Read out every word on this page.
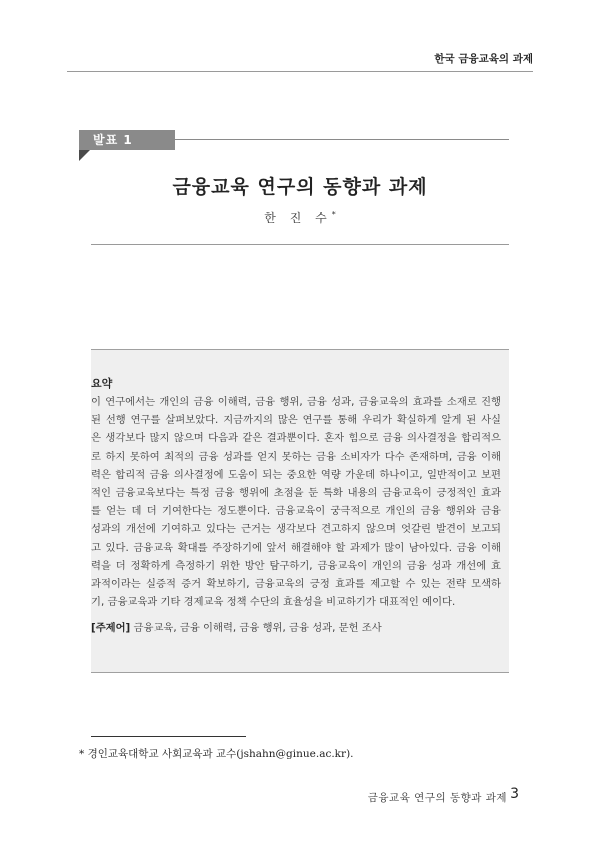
한국 금융교육의 과제
발표 1
금융교육 연구의 동향과 과제
한 진 수*
요약
이 연구에서는 개인의 금융 이해력, 금융 행위, 금융 성과, 금융교육의 효과를 소재로 진행
된 선행 연구를 살펴보았다. 지금까지의 많은 연구를 통해 우리가 확실하게 알게 된 사실
은 생각보다 많지 않으며 다음과 같은 결과뿐이다. 혼자 힘으로 금융 의사결정을 합리적으
로 하지 못하여 최적의 금융 성과를 얻지 못하는 금융 소비자가 다수 존재하며, 금융 이해
력은 합리적 금융 의사결정에 도움이 되는 중요한 역량 가운데 하나이고, 일반적이고 보편
적인 금융교육보다는 특정 금융 행위에 초점을 둔 특화 내용의 금융교육이 긍정적인 효과
를 얻는 데 더 기여한다는 정도뿐이다. 금융교육이 궁극적으로 개인의 금융 행위와 금융
성과의 개선에 기여하고 있다는 근거는 생각보다 견고하지 않으며 엇갈린 발견이 보고되
고 있다. 금융교육 확대를 주장하기에 앞서 해결해야 할 과제가 많이 남아있다. 금융 이해
력을 더 정확하게 측정하기 위한 방안 탐구하기, 금융교육이 개인의 금융 성과 개선에 효
과적이라는 실증적 증거 확보하기, 금융교육의 긍정 효과를 제고할 수 있는 전략 모색하
기, 금융교육과 기타 경제교육 정책 수단의 효율성을 비교하기가 대표적인 예이다.
[주제어] 금융교육, 금융 이해력, 금융 행위, 금융 성과, 문헌 조사
* 경인교육대학교 사회교육과 교수(jshahn@ginue.ac.kr).
금융교육 연구의 동향과 과제 3
